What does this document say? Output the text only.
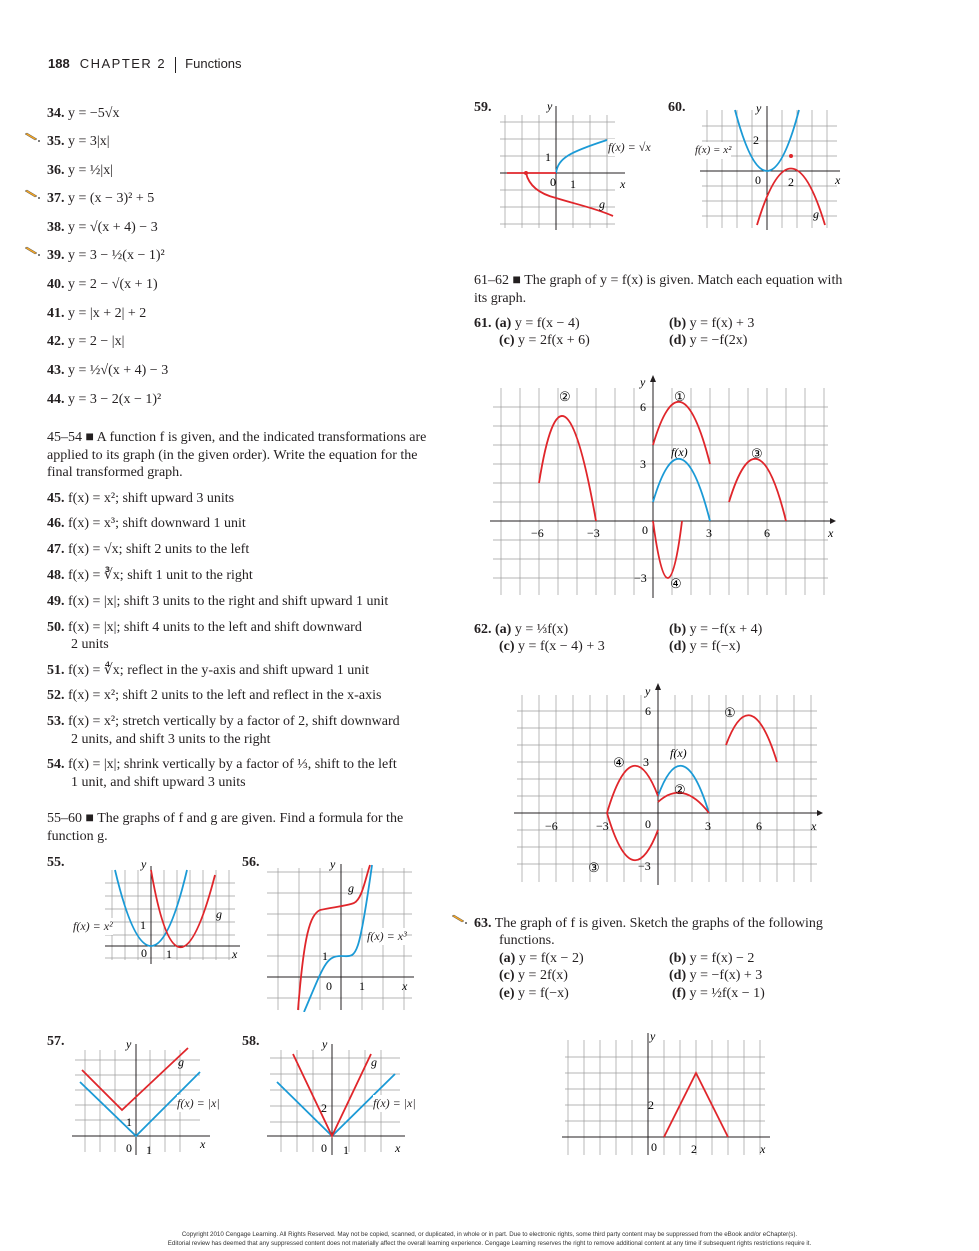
188 CHAPTER 2 Functions
34. y = −5√x
35. y = 3|x|
36. y = ½|x|
37. y = (x − 3)² + 5
38. y = √(x + 4) − 3
39. y = 3 − ½(x − 1)²
40. y = 2 − √(x + 1)
41. y = |x + 2| + 2
42. y = 2 − |x|
43. y = ½√(x + 4) − 3
44. y = 3 − 2(x − 1)²
45–54 ■ A function f is given, and the indicated transformations are applied to its graph (in the given order). Write the equation for the final transformed graph.
45. f(x) = x²; shift upward 3 units
46. f(x) = x³; shift downward 1 unit
47. f(x) = √x; shift 2 units to the left
48. f(x) = ∛x; shift 1 unit to the right
49. f(x) = |x|; shift 3 units to the right and shift upward 1 unit
50. f(x) = |x|; shift 4 units to the left and shift downward
2 units
51. f(x) = ∜x; reflect in the y-axis and shift upward 1 unit
52. f(x) = x²; shift 2 units to the left and reflect in the x-axis
53. f(x) = x²; stretch vertically by a factor of 2, shift downward
2 units, and shift 3 units to the right
54. f(x) = |x|; shrink vertically by a factor of ⅓, shift to the left
1 unit, and shift upward 3 units
55–60 ■ The graphs of f and g are given. Find a formula for the function g.
55.	56.
57.	58.
59.	60.
y
x
0 1
1
g
f(x) = x²
y
x
0 1
1
g
f(x) = x³
y
x
0 1
1
g
f(x) = |x|
y
x
0 1
2
g
f(x) = |x|
y
x
0 1
1
g
f(x) = √x
y
x
0 2
2
g
f(x) = x²
61–62 ■ The graph of y = f(x) is given. Match each equation with its graph.
61. (a) y = f(x − 4)	(b) y = f(x) + 3
(c) y = 2f(x + 6)	(d) y = −f(2x)
y
x
0
−6	−3	3	6
6
3
−3
f(x)
②	①
③
④
62. (a) y = ⅓f(x)	(b) y = −f(x + 4)
(c) y = f(x − 4) + 3	(d) y = f(−x)
y
x
0
−6	−3	3	6
6
3
−3
f(x)
①
②
③
④
63. The graph of f is given. Sketch the graphs of the following
functions.
(a) y = f(x − 2)	(b) y = f(x) − 2
(c) y = 2f(x)	(d) y = −f(x) + 3
(e) y = f(−x)	(f) y = ½f(x − 1)
y
x
0	2
2
Copyright 2010 Cengage Learning. All Rights Reserved. May not be copied, scanned, or duplicated, in whole or in part. Due to electronic rights, some third party content may be suppressed from the eBook and/or eChapter(s).
Editorial review has deemed that any suppressed content does not materially affect the overall learning experience. Cengage Learning reserves the right to remove additional content at any time if subsequent rights restrictions require it.
